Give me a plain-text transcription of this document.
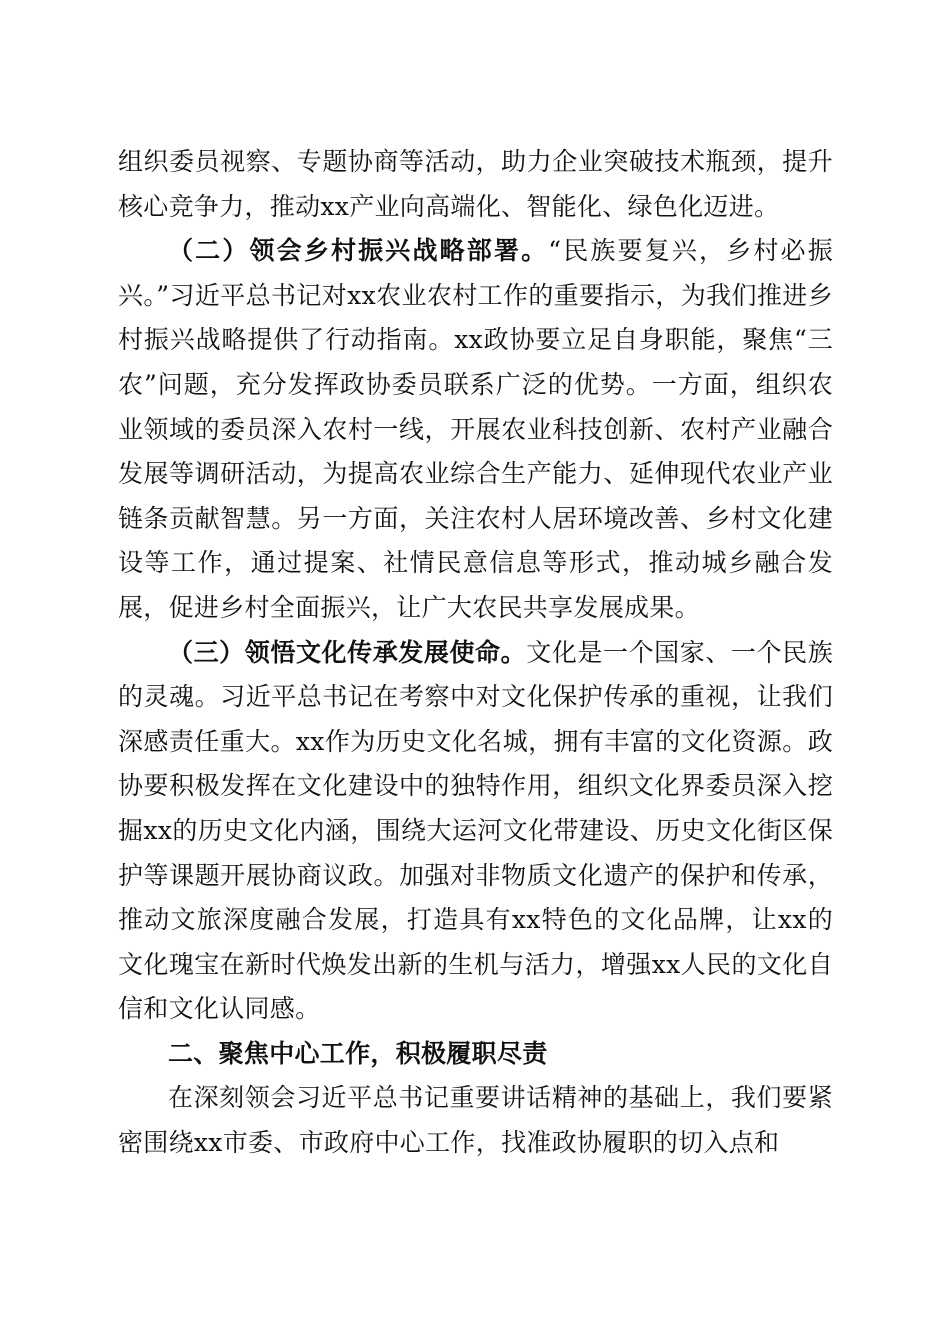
组织委员视察、专题协商等活动，助力企业突破技术瓶颈，提升核心竞争力，推动xx产业向高端化、智能化、绿色化迈进。

（二）领会乡村振兴战略部署。“民族要复兴，乡村必振兴。”习近平总书记对xx农业农村工作的重要指示，为我们推进乡村振兴战略提供了行动指南。xx政协要立足自身职能，聚焦“三农”问题，充分发挥政协委员联系广泛的优势。一方面，组织农业领域的委员深入农村一线，开展农业科技创新、农村产业融合发展等调研活动，为提高农业综合生产能力、延伸现代农业产业链条贡献智慧。另一方面，关注农村人居环境改善、乡村文化建设等工作，通过提案、社情民意信息等形式，推动城乡融合发展，促进乡村全面振兴，让广大农民共享发展成果。

（三）领悟文化传承发展使命。文化是一个国家、一个民族的灵魂。习近平总书记在考察中对文化保护传承的重视，让我们深感责任重大。xx作为历史文化名城，拥有丰富的文化资源。政协要积极发挥在文化建设中的独特作用，组织文化界委员深入挖掘xx的历史文化内涵，围绕大运河文化带建设、历史文化街区保护等课题开展协商议政。加强对非物质文化遗产的保护和传承，推动文旅深度融合发展，打造具有xx特色的文化品牌，让xx的文化瑰宝在新时代焕发出新的生机与活力，增强xx人民的文化自信和文化认同感。

二、聚焦中心工作，积极履职尽责

在深刻领会习近平总书记重要讲话精神的基础上，我们要紧密围绕xx市委、市政府中心工作，找准政协履职的切入点和
